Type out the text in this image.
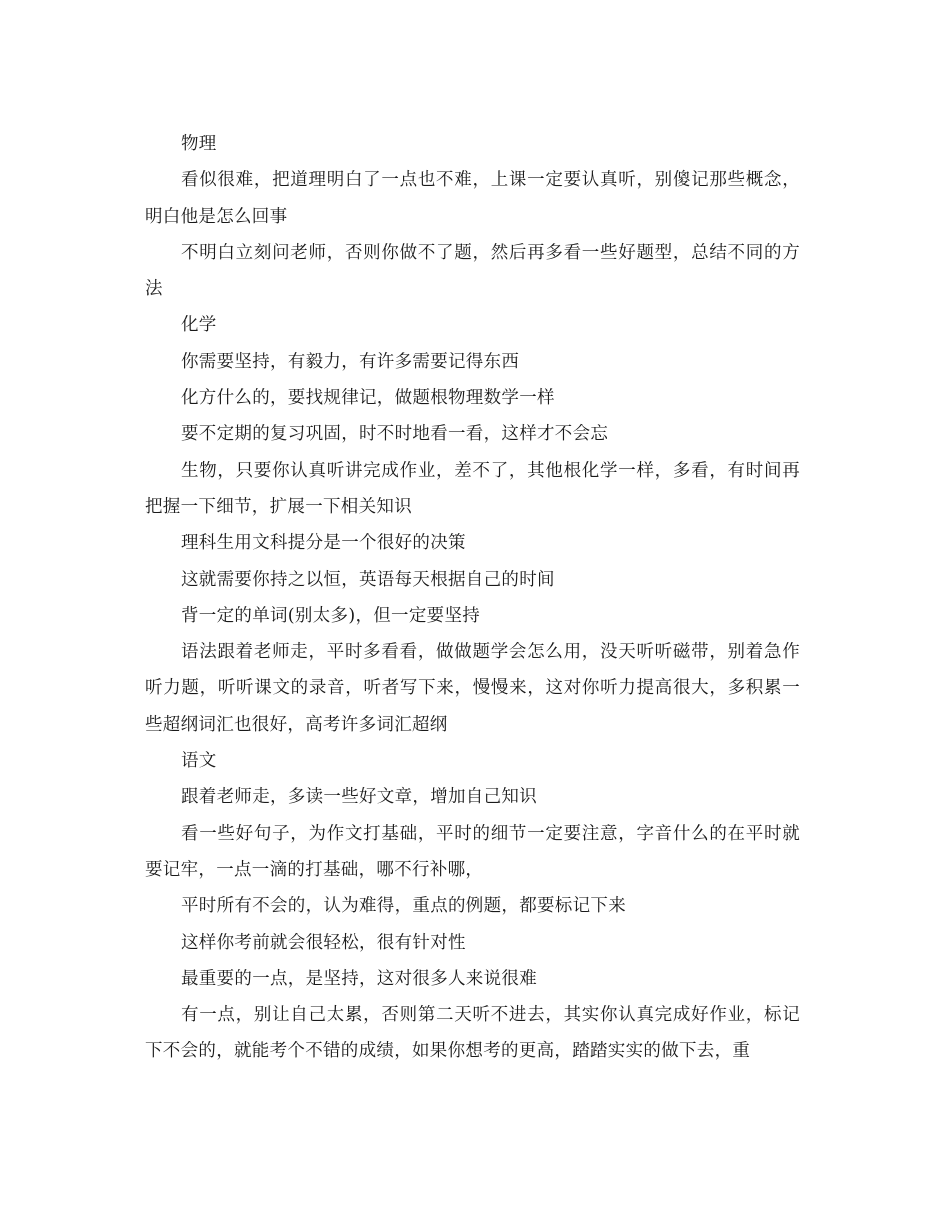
物理

看似很难，把道理明白了一点也不难，上课一定要认真听，别傻记那些概念，明白他是怎么回事

不明白立刻问老师，否则你做不了题，然后再多看一些好题型，总结不同的方法

化学

你需要坚持，有毅力，有许多需要记得东西

化方什么的，要找规律记，做题根物理数学一样

要不定期的复习巩固，时不时地看一看，这样才不会忘

生物，只要你认真听讲完成作业，差不了，其他根化学一样，多看，有时间再把握一下细节，扩展一下相关知识

理科生用文科提分是一个很好的决策

这就需要你持之以恒，英语每天根据自己的时间

背一定的单词(别太多)，但一定要坚持

语法跟着老师走，平时多看看，做做题学会怎么用，没天听听磁带，别着急作听力题，听听课文的录音，听者写下来，慢慢来，这对你听力提高很大，多积累一些超纲词汇也很好，高考许多词汇超纲

语文

跟着老师走，多读一些好文章，增加自己知识

看一些好句子，为作文打基础，平时的细节一定要注意，字音什么的在平时就要记牢，一点一滴的打基础，哪不行补哪，

平时所有不会的，认为难得，重点的例题，都要标记下来

这样你考前就会很轻松，很有针对性

最重要的一点，是坚持，这对很多人来说很难

有一点，别让自己太累，否则第二天听不进去，其实你认真完成好作业，标记下不会的，就能考个不错的成绩，如果你想考的更高，踏踏实实的做下去，重
